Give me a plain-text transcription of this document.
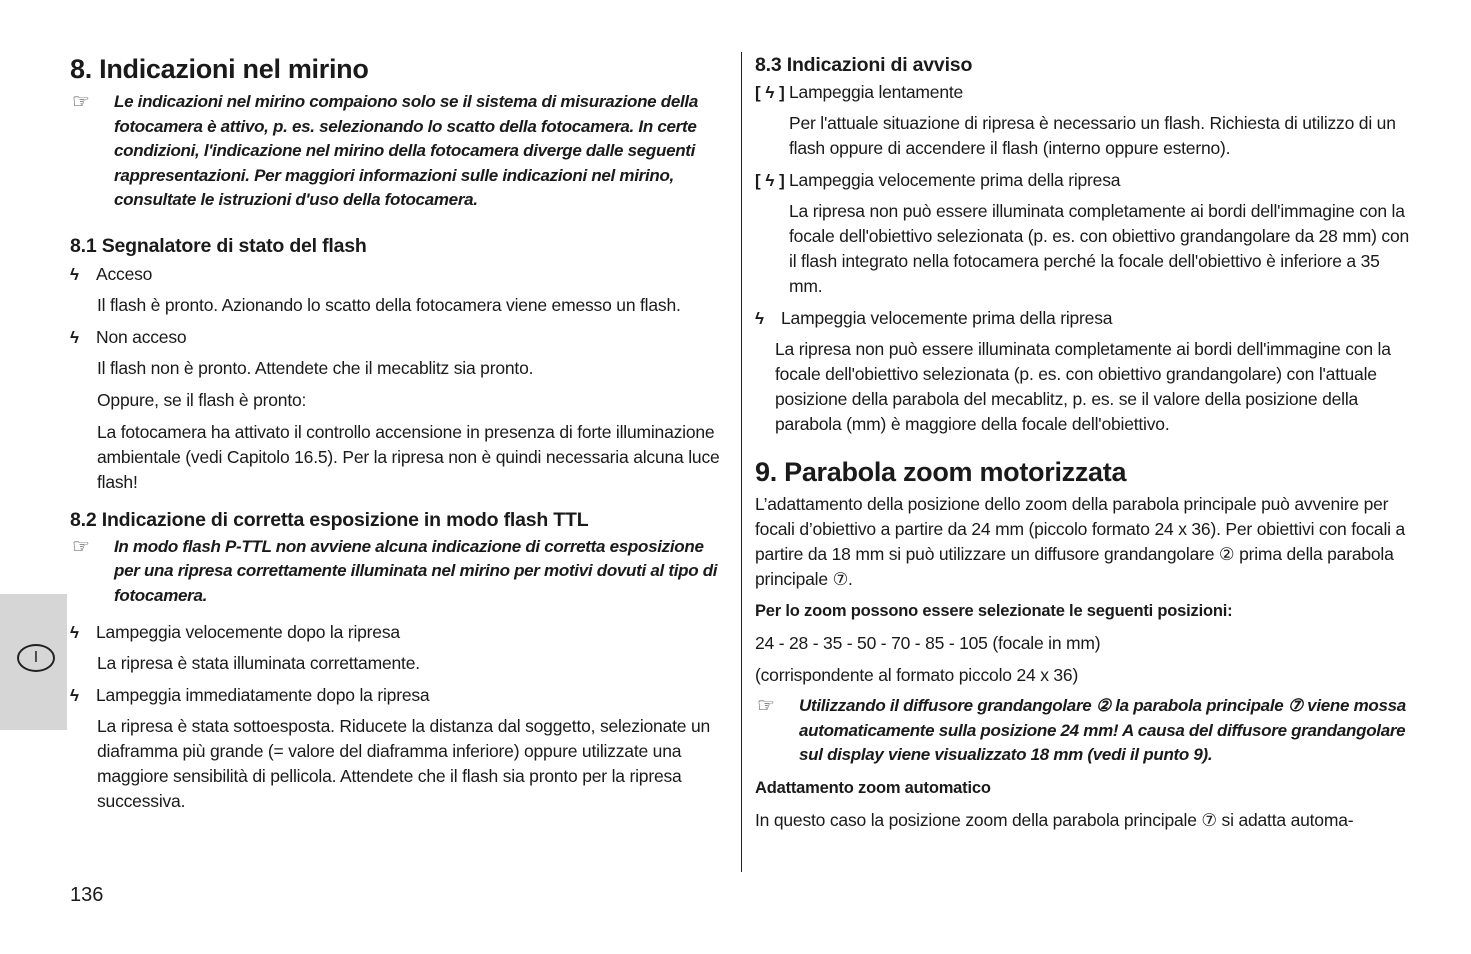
8. Indicazioni nel mirino
☞	Le indicazioni nel mirino compaiono solo se il sistema di misurazione della fotocamera è attivo, p. es. selezionando lo scatto della fotocamera. In certe condizioni, l'indicazione nel mirino della fotocamera diverge dalle seguenti rappresentazioni. Per maggiori informazioni sulle indicazioni nel mirino, consultate le istruzioni d'uso della fotocamera.

8.1 Segnalatore di stato del flash
ϟ Acceso

Il flash è pronto. Azionando lo scatto della fotocamera viene emesso un flash.

ϟ Non acceso

Il flash non è pronto. Attendete che il mecablitz sia pronto.

Oppure, se il flash è pronto:

La fotocamera ha attivato il controllo accensione in presenza di forte illuminazione ambientale (vedi Capitolo 16.5). Per la ripresa non è quindi necessaria alcuna luce flash!

8.2 Indicazione di corretta esposizione in modo flash TTL
☞	In modo flash P-TTL non avviene alcuna indicazione di corretta esposizione per una ripresa correttamente illuminata nel mirino per motivi dovuti al tipo di fotocamera.

ϟ Lampeggia velocemente dopo la ripresa

La ripresa è stata illuminata correttamente.

ϟ Lampeggia immediatamente dopo la ripresa

La ripresa è stata sottoesposta. Riducete la distanza dal soggetto, selezionate un diaframma più grande (= valore del diaframma inferiore) oppure utilizzate una maggiore sensibilità di pellicola. Attendete che il flash sia pronto per la ripresa successiva.

8.3 Indicazioni di avviso
[ ϟ ] Lampeggia lentamente

Per l'attuale situazione di ripresa è necessario un flash. Richiesta di utilizzo di un flash oppure di accendere il flash (interno oppure esterno).

[ ϟ ] Lampeggia velocemente prima della ripresa

La ripresa non può essere illuminata completamente ai bordi dell'immagine con la focale dell'obiettivo selezionata (p. es. con obiettivo grandangolare da 28 mm) con il flash integrato nella fotocamera perché la focale dell'obiettivo è inferiore a 35 mm.

ϟ Lampeggia velocemente prima della ripresa

La ripresa non può essere illuminata completamente ai bordi dell'immagine con la focale dell'obiettivo selezionata (p. es. con obiettivo grandangolare) con l'attuale posizione della parabola del mecablitz, p. es. se il valore della posizione della parabola (mm) è maggiore della focale dell'obiettivo.

9. Parabola zoom motorizzata

L’adattamento della posizione dello zoom della parabola principale può avvenire per focali d’obiettivo a partire da 24 mm (piccolo formato 24 x 36). Per obiettivi con focali a partire da 18 mm si può utilizzare un diffusore grandangolare ② prima della parabola principale ⑦.

Per lo zoom possono essere selezionate le seguenti posizioni:

24 - 28 - 35 - 50 - 70 - 85 - 105 (focale in mm)

(corrispondente al formato piccolo 24 x 36)

☞	Utilizzando il diffusore grandangolare ② la parabola principale ⑦ viene mossa automaticamente sulla posizione 24 mm! A causa del diffusore grandangolare sul display viene visualizzato 18 mm (vedi il punto 9).

Adattamento zoom automatico

In questo caso la posizione zoom della parabola principale ⑦ si adatta automa-

I
136
